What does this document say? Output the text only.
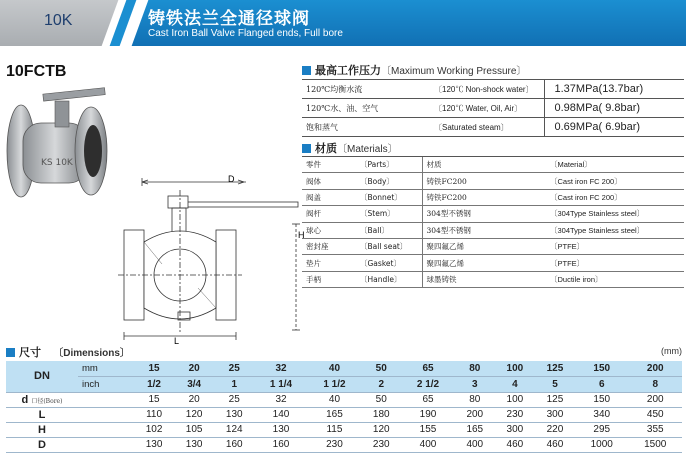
10K	铸铁法兰全通径球阀
Cast Iron Ball Valve Flanged ends, Full bore
10FCTB
KS 10K
D
H
L
最高工作压力〔Maximum Working Pressure〕
120℃均衡水流	〔120℃ Non-shock water〕	1.37MPa(13.7bar)
120℃水、油、空气	〔120℃ Water, Oil, Air〕	0.98MPa( 9.8bar)
饱和蒸气	〔Saturated steam〕	0.69MPa( 6.9bar)
材质〔Materials〕
零件	〔Parts〕	材质	〔Material〕
阀体	〔Body〕	铸铁FC200	〔Cast iron FC 200〕
阀盖	〔Bonnet〕	铸铁FC200	〔Cast iron FC 200〕
阀杆	〔Stem〕	304型不锈钢	〔304Type Stainless steel〕
球心	〔Ball〕	304型不锈钢	〔304Type Stainless steel〕
密封座	〔Ball seat〕	聚四氟乙烯	〔PTFE〕
垫片	〔Gasket〕	聚四氟乙烯	〔PTFE〕
手柄	〔Handle〕	球墨铸铁	〔Ductile iron〕
尺寸 〔Dimensions〕	(mm)
DN	mm	15	20	25	32	40	50	65	80	100	125	150	200
	inch	1/2	3/4	1	1 1/4	1 1/2	2	2 1/2	3	4	5	6	8
d 口径(Bore)		15	20	25	32	40	50	65	80	100	125	150	200
L		110	120	130	140	165	180	190	200	230	300	340	450
H		102	105	124	130	115	120	155	165	300	220	295	355
D		130	130	160	160	230	230	400	400	460	460	1000	1500
